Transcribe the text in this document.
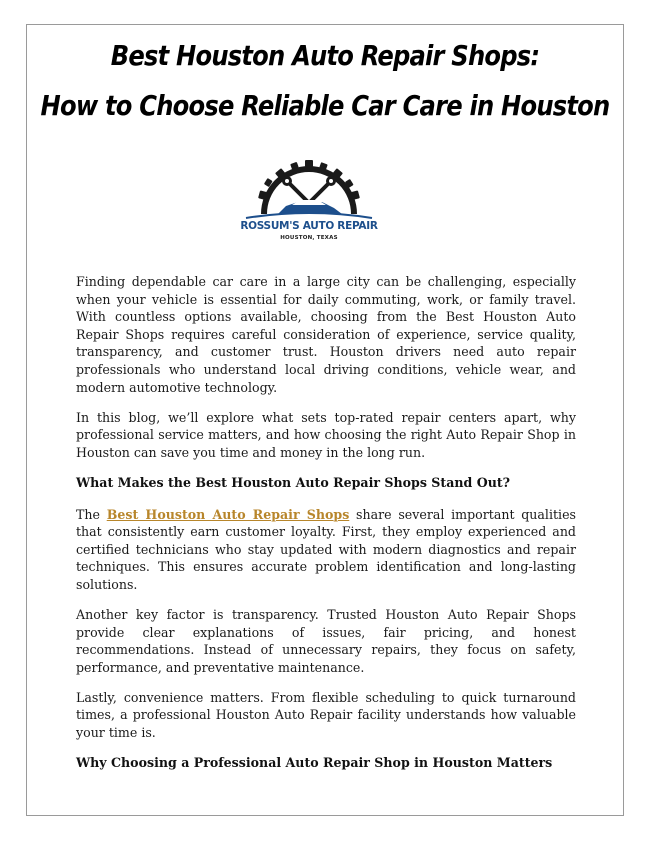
Best Houston Auto Repair Shops:
How to Choose Reliable Car Care in Houston
ROSSUM'S AUTO REPAIR
HOUSTON, TEXAS

Finding dependable car care in a large city can be challenging, especially when your vehicle is essential for daily commuting, work, or family travel. With countless options available, choosing from the Best Houston Auto Repair Shops requires careful consideration of experience, service quality, transparency, and customer trust. Houston drivers need auto repair professionals who understand local driving conditions, vehicle wear, and modern automotive technology.

In this blog, we’ll explore what sets top-rated repair centers apart, why professional service matters, and how choosing the right Auto Repair Shop in Houston can save you time and money in the long run.

What Makes the Best Houston Auto Repair Shops Stand Out?

The Best Houston Auto Repair Shops share several important qualities that consistently earn customer loyalty. First, they employ experienced and certified technicians who stay updated with modern diagnostics and repair techniques. This ensures accurate problem identification and long-lasting solutions.

Another key factor is transparency. Trusted Houston Auto Repair Shops provide clear explanations of issues, fair pricing, and honest recommendations. Instead of unnecessary repairs, they focus on safety, performance, and preventative maintenance.

Lastly, convenience matters. From flexible scheduling to quick turnaround times, a professional Houston Auto Repair facility understands how valuable your time is.

Why Choosing a Professional Auto Repair Shop in Houston Matters
